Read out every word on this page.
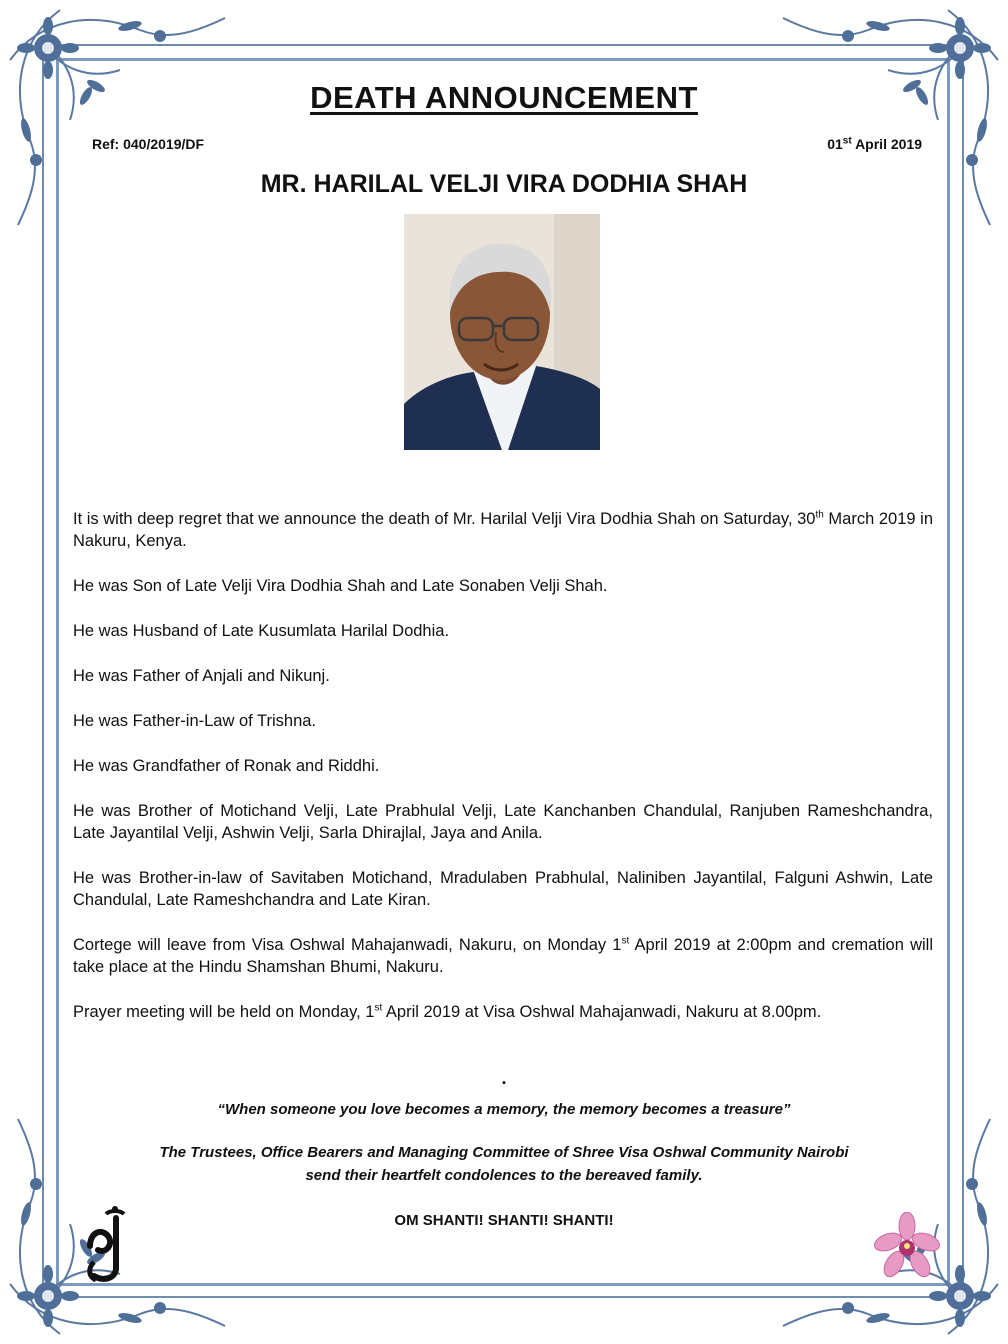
DEATH ANNOUNCEMENT
Ref: 040/2019/DF	01st April 2019
MR. HARILAL VELJI VIRA DODHIA SHAH

It is with deep regret that we announce the death of Mr. Harilal Velji Vira Dodhia Shah on Saturday, 30th March 2019 in Nakuru, Kenya.

He was Son of Late Velji Vira Dodhia Shah and Late Sonaben Velji Shah.

He was Husband of Late Kusumlata Harilal Dodhia.

He was Father of Anjali and Nikunj.

He was Father-in-Law of Trishna.

He was Grandfather of Ronak and Riddhi.

He was Brother of Motichand Velji, Late Prabhulal Velji, Late Kanchanben Chandulal, Ranjuben Rameshchandra, Late Jayantilal Velji, Ashwin Velji, Sarla Dhirajlal, Jaya and Anila.

He was Brother-in-law of Savitaben Motichand, Mradulaben Prabhulal, Naliniben Jayantilal, Falguni Ashwin, Late Chandulal, Late Rameshchandra and Late Kiran.

Cortege will leave from Visa Oshwal Mahajanwadi, Nakuru, on Monday 1st April 2019 at 2:00pm and cremation will take place at the Hindu Shamshan Bhumi, Nakuru.

Prayer meeting will be held on Monday, 1st April 2019 at Visa Oshwal Mahajanwadi, Nakuru at 8.00pm.

.
“When someone you love becomes a memory, the memory becomes a treasure”
The Trustees, Office Bearers and Managing Committee of Shree Visa Oshwal Community Nairobi
send their heartfelt condolences to the bereaved family.
OM SHANTI! SHANTI! SHANTI!
